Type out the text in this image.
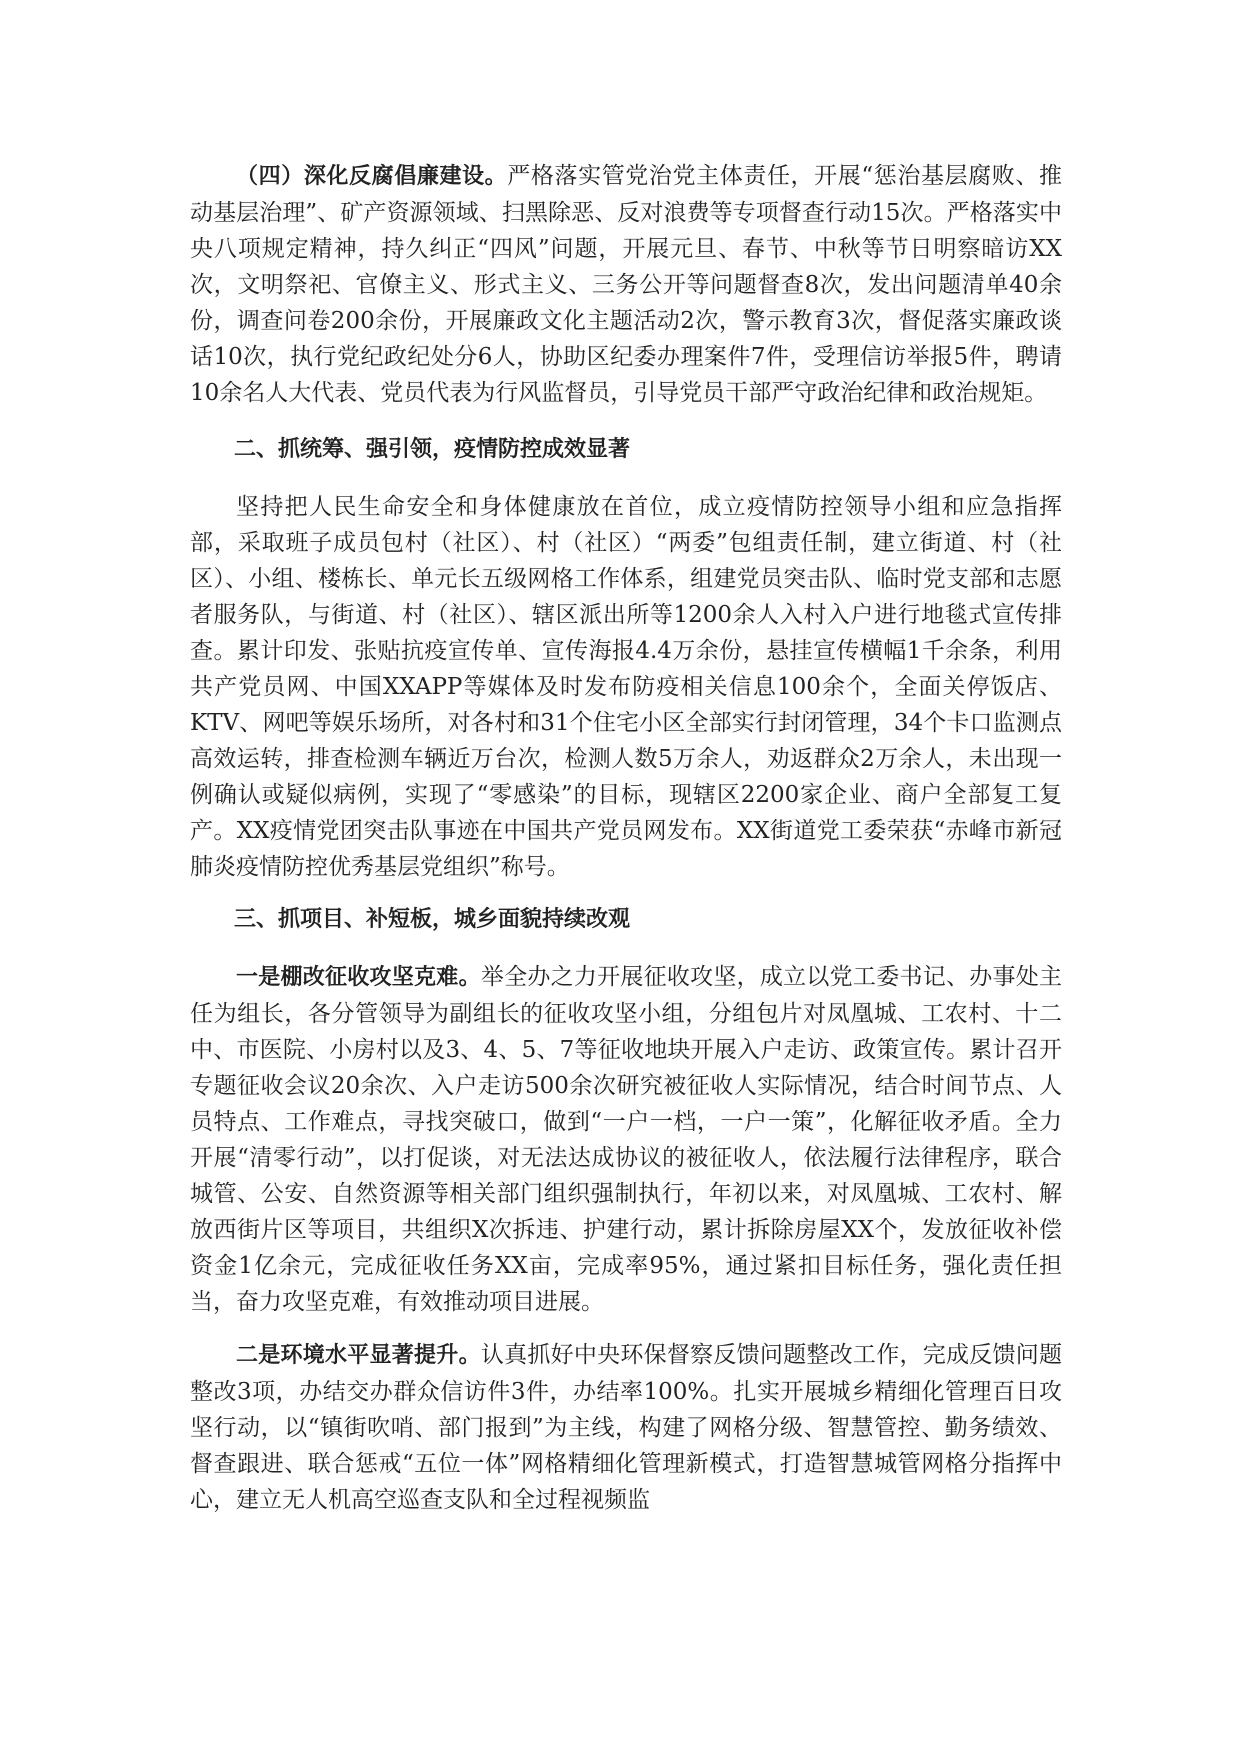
（四）深化反腐倡廉建设。严格落实管党治党主体责任，开展“惩治基层腐败、推动基层治理”、矿产资源领域、扫黑除恶、反对浪费等专项督查行动15次。严格落实中央八项规定精神，持久纠正“四风”问题，开展元旦、春节、中秋等节日明察暗访XX次，文明祭祀、官僚主义、形式主义、三务公开等问题督查8次，发出问题清单40余份，调查问卷200余份，开展廉政文化主题活动2次，警示教育3次，督促落实廉政谈话10次，执行党纪政纪处分6人，协助区纪委办理案件7件，受理信访举报5件，聘请10余名人大代表、党员代表为行风监督员，引导党员干部严守政治纪律和政治规矩。

二、抓统筹、强引领，疫情防控成效显著

坚持把人民生命安全和身体健康放在首位，成立疫情防控领导小组和应急指挥部，采取班子成员包村（社区）、村（社区）“两委”包组责任制，建立街道、村（社区）、小组、楼栋长、单元长五级网格工作体系，组建党员突击队、临时党支部和志愿者服务队，与街道、村（社区）、辖区派出所等1200余人入村入户进行地毯式宣传排查。累计印发、张贴抗疫宣传单、宣传海报4.4万余份，悬挂宣传横幅1千余条，利用共产党员网、中国XXAPP等媒体及时发布防疫相关信息100余个，全面关停饭店、KTV、网吧等娱乐场所，对各村和31个住宅小区全部实行封闭管理，34个卡口监测点高效运转，排查检测车辆近万台次，检测人数5万余人，劝返群众2万余人，未出现一例确认或疑似病例，实现了“零感染”的目标，现辖区2200家企业、商户全部复工复产。XX疫情党团突击队事迹在中国共产党员网发布。XX街道党工委荣获“赤峰市新冠肺炎疫情防控优秀基层党组织”称号。

三、抓项目、补短板，城乡面貌持续改观

一是棚改征收攻坚克难。举全办之力开展征收攻坚，成立以党工委书记、办事处主任为组长，各分管领导为副组长的征收攻坚小组，分组包片对凤凰城、工农村、十二中、市医院、小房村以及3、4、5、7等征收地块开展入户走访、政策宣传。累计召开专题征收会议20余次、入户走访500余次研究被征收人实际情况，结合时间节点、人员特点、工作难点，寻找突破口，做到“一户一档，一户一策”，化解征收矛盾。全力开展“清零行动”，以打促谈，对无法达成协议的被征收人，依法履行法律程序，联合城管、公安、自然资源等相关部门组织强制执行，年初以来，对凤凰城、工农村、解放西街片区等项目，共组织X次拆违、护建行动，累计拆除房屋XX个，发放征收补偿资金1亿余元，完成征收任务XX亩，完成率95%，通过紧扣目标任务，强化责任担当，奋力攻坚克难，有效推动项目进展。

二是环境水平显著提升。认真抓好中央环保督察反馈问题整改工作，完成反馈问题整改3项，办结交办群众信访件3件，办结率100%。扎实开展城乡精细化管理百日攻坚行动，以“镇街吹哨、部门报到”为主线，构建了网格分级、智慧管控、勤务绩效、督查跟进、联合惩戒“五位一体”网格精细化管理新模式，打造智慧城管网格分指挥中心，建立无人机高空巡查支队和全过程视频监
